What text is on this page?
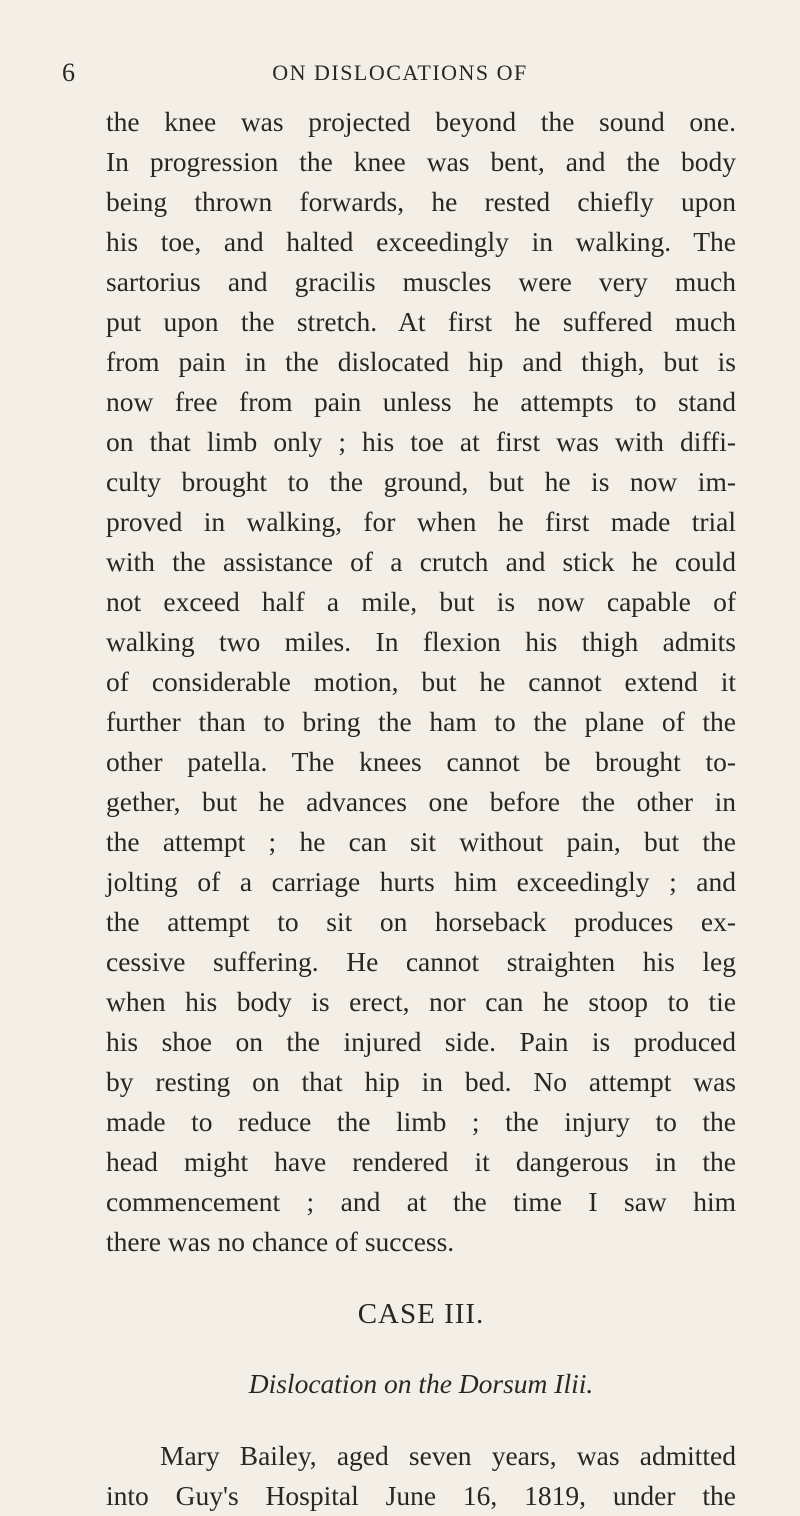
6	ON DISLOCATIONS OF
the knee was projected beyond the sound one.
In progression the knee was bent, and the body
being thrown forwards, he rested chiefly upon
his toe, and halted exceedingly in walking. The
sartorius and gracilis muscles were very much
put upon the stretch. At first he suffered much
from pain in the dislocated hip and thigh, but is
now free from pain unless he attempts to stand
on that limb only ; his toe at first was with diffi-
culty brought to the ground, but he is now im-
proved in walking, for when he first made trial
with the assistance of a crutch and stick he could
not exceed half a mile, but is now capable of
walking two miles. In flexion his thigh admits
of considerable motion, but he cannot extend it
further than to bring the ham to the plane of the
other patella. The knees cannot be brought to-
gether, but he advances one before the other in
the attempt ; he can sit without pain, but the
jolting of a carriage hurts him exceedingly ; and
the attempt to sit on horseback produces ex-
cessive suffering. He cannot straighten his leg
when his body is erect, nor can he stoop to tie
his shoe on the injured side. Pain is produced
by resting on that hip in bed. No attempt was
made to reduce the limb ; the injury to the
head might have rendered it dangerous in the
commencement ; and at the time I saw him
there was no chance of success.
CASE III.
Dislocation on the Dorsum Ilii.
Mary Bailey, aged seven years, was admitted
into Guy's Hospital June 16, 1819, under the
